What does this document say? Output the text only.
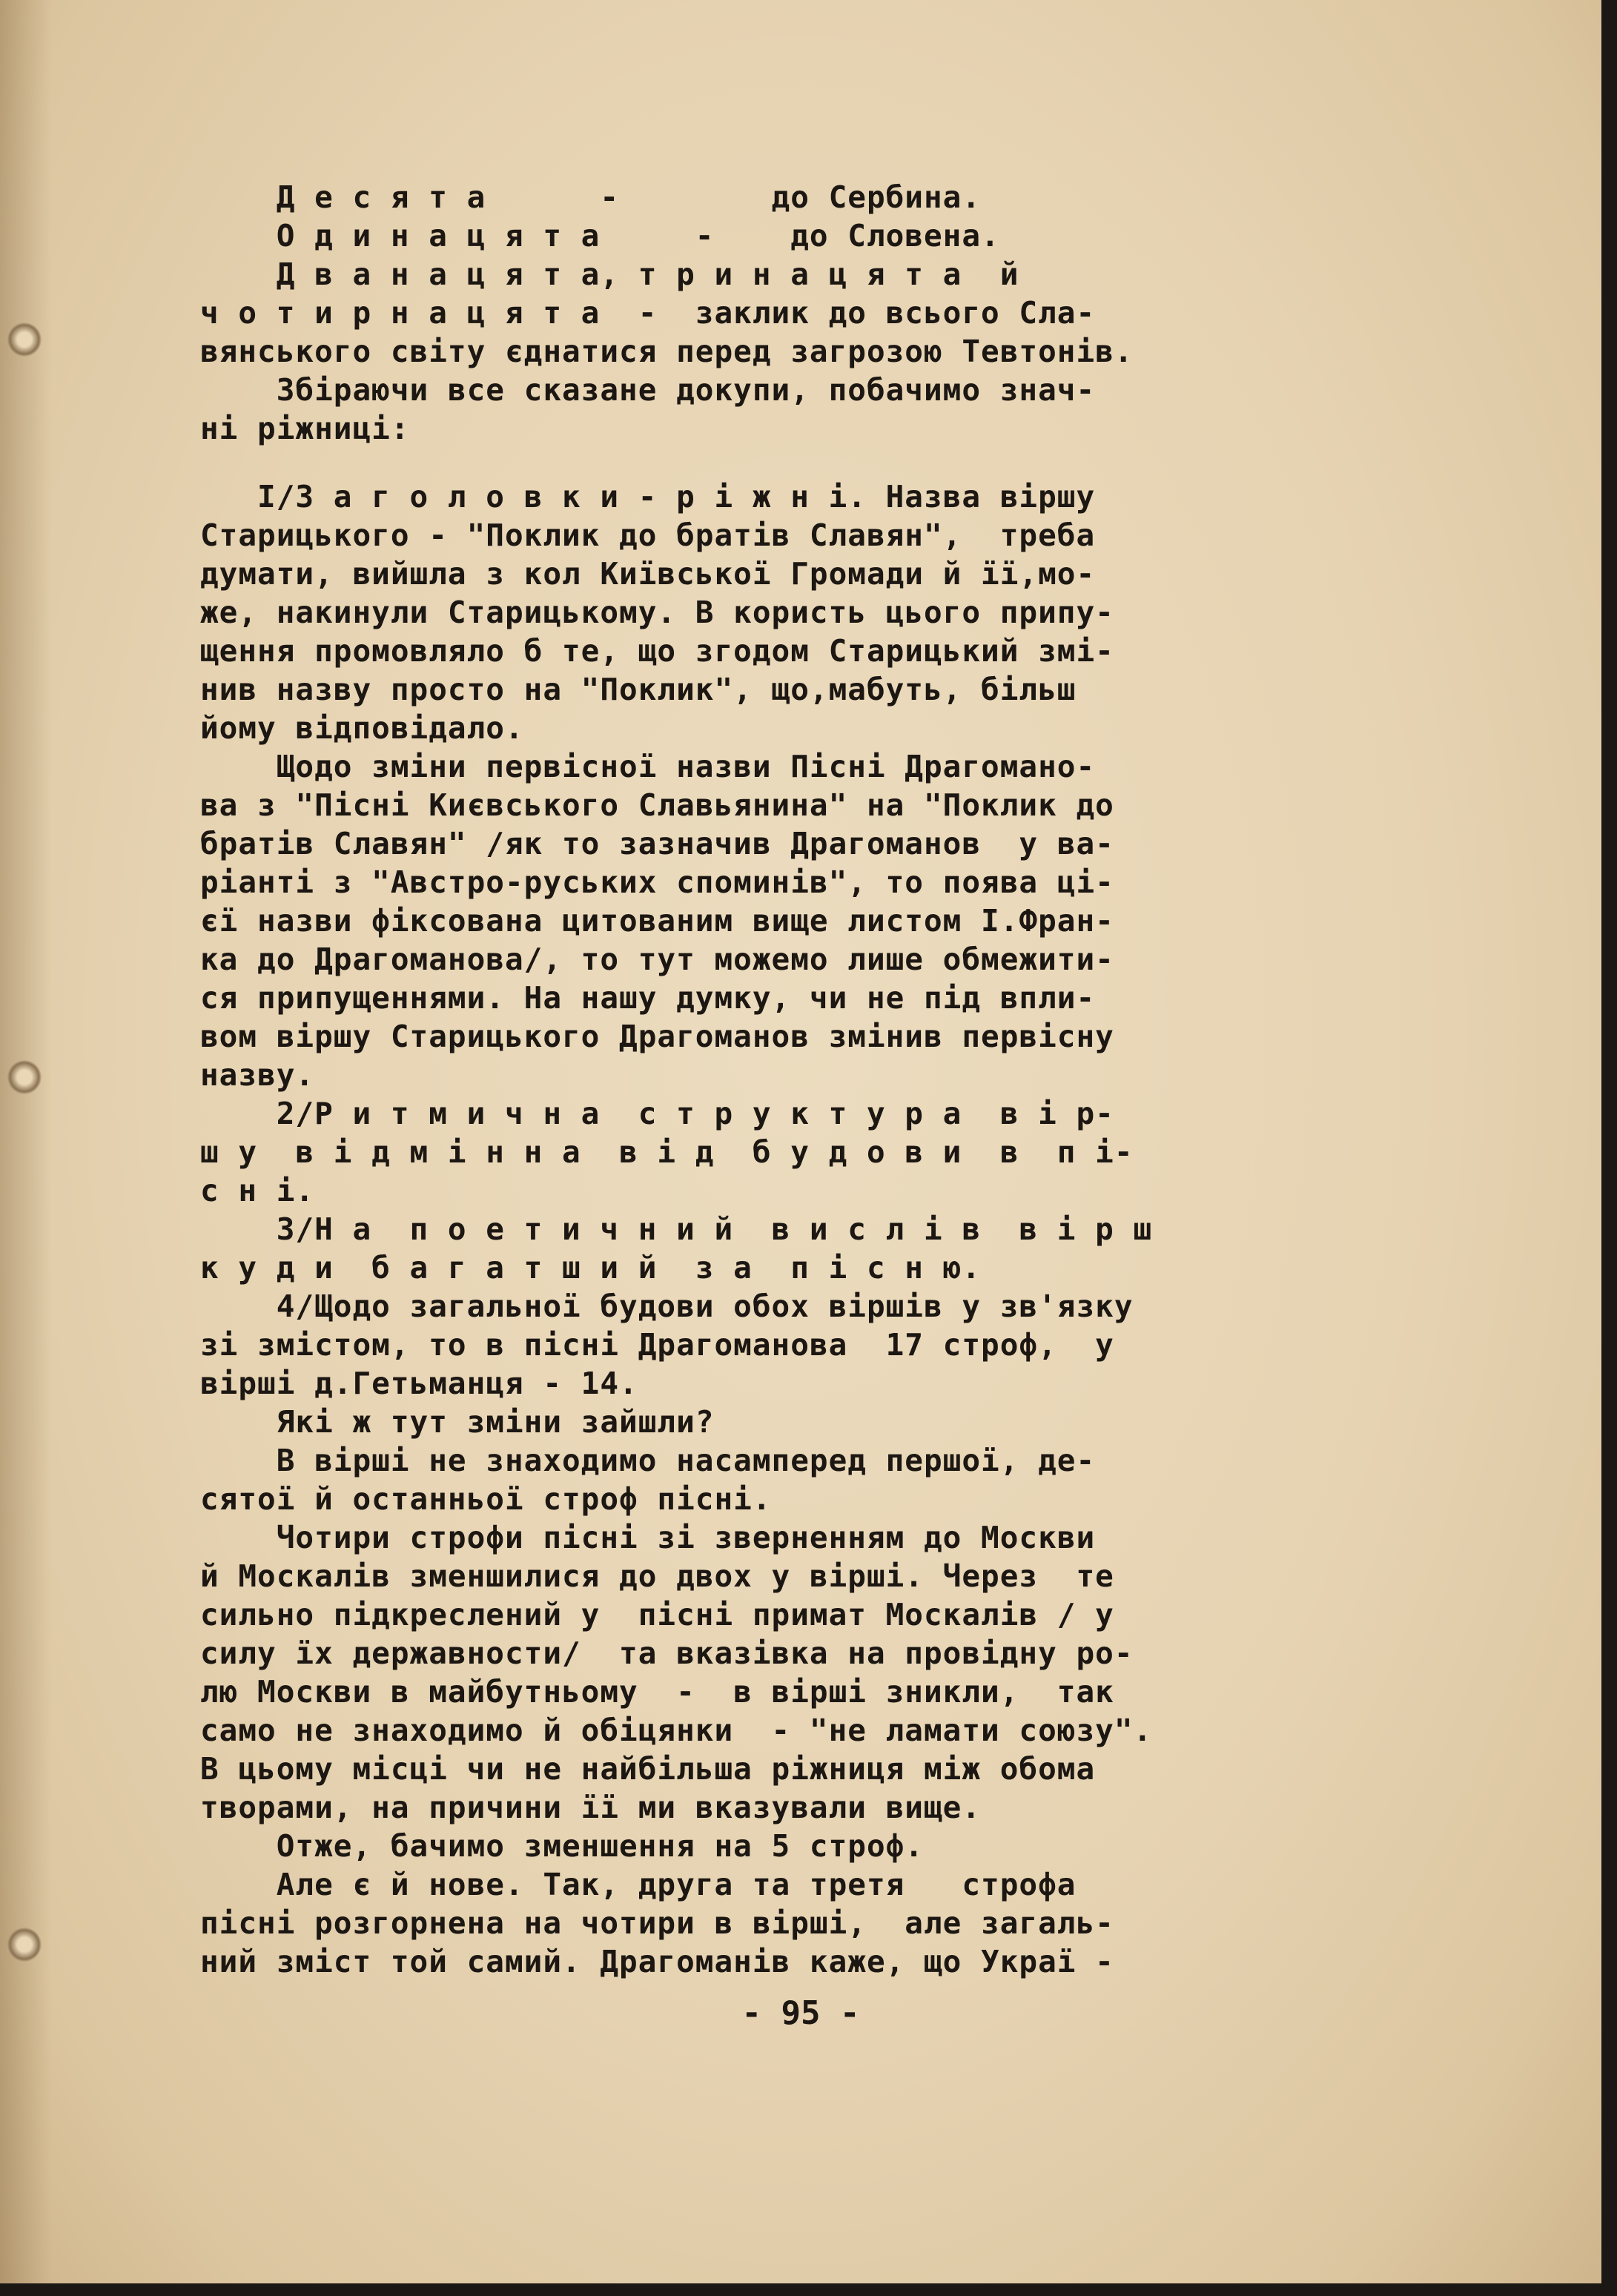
Д е с я т а      -        до Сербина.
О д и н а ц я т а     -    до Словена.
Д в а н а ц я т а, т р и н а ц я т а  й
ч о т и р н а ц я т а  -  заклик до всього Сла-
вянського світу єднатися перед загрозою Тевтонів.
Збіраючи все сказане докупи, побачимо знач-
ні ріжниці:
I/З а г о л о в к и - р і ж н і. Назва віршу
Старицького - "Поклик до братів Славян",  треба
думати, вийшла з кол Київської Громади й її,мо-
же, накинули Старицькому. В користь цього припу-
щення промовляло б те, що згодом Старицький змі-
нив назву просто на "Поклик", що,мабуть, більш
йому відповідало.
Щодо зміни первісної назви Пісні Драгоманo-
ва з "Пісні Києвського Славьянина" на "Поклик до
братів Славян" /як то зазначив Драгоманов  у ва-
ріанті з "Австро-руських споминів", то поява ці-
єї назви фіксована цитованим вище листом І.Фран-
ка до Драгоманова/, то тут можемо лише обмежити-
ся припущеннями. На нашу думку, чи не під впли-
вом віршу Старицького Драгоманов змінив первісну
назву.
2/Р и т м и ч н а  с т р у к т у р а  в і р-
ш у  в і д м і н н а  в і д  б у д о в и  в  п і-
с н і.
3/Н а  п о е т и ч н и й  в и с л і в  в і р ш
к у д и  б а г а т ш и й  з а  п і с н ю.
4/Щодо загальної будови обох віршів у зв'язку
зі змістом, то в пісні Драгоманова  17 строф,  у
вірші д.Гетьманця - 14.
Які ж тут зміни зайшли?
В вірші не знаходимо насамперед першої, де-
сятої й останньої строф пісні.
Чотири строфи пісні зі зверненням до Москви
й Москалів зменшилися до двох у вірші. Через  те
сильно підкреслений у  пісні примат Москалів / у
силу їх державности/  та вказівка на провідну ро-
лю Москви в майбутньому  -  в вірші зникли,  так
само не знаходимо й обіцянки  - "не ламати союзу".
В цьому місці чи не найбільша ріжниця між обома
творами, на причини її ми вказували вище.
Отже, бачимо зменшення на 5 строф.
Але є й нове. Так, друга та третя   строфа
пісні розгорнена на чотири в вірші,  але загаль-
ний зміст той самий. Драгоманів каже, що Украї -
- 95 -
